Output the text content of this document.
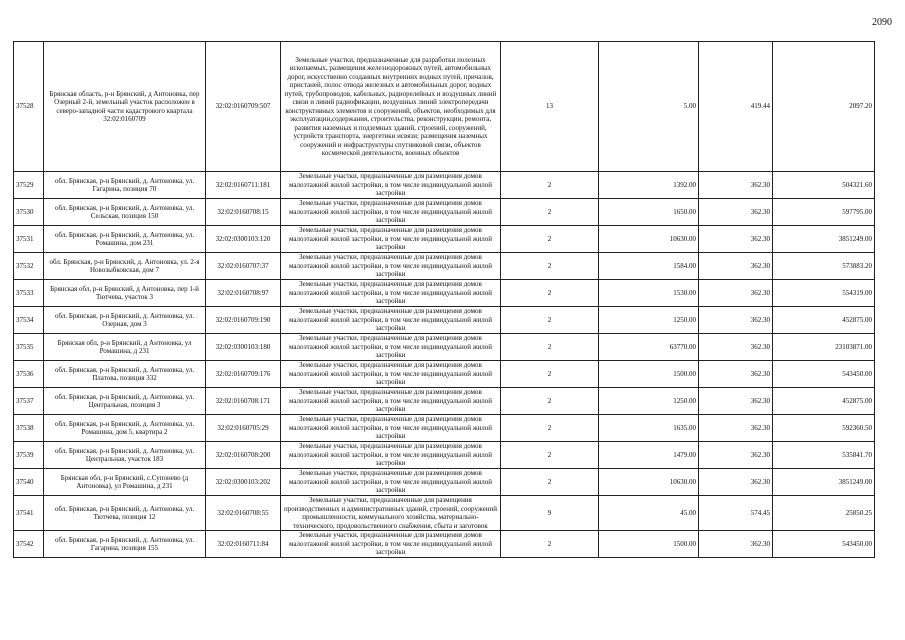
2090
37528	Брянская область, р-н Брянский, д Антоновка, пер Озерный 2-й, земельный участок расположен в северо-западной части кадастрового квартала 32:02:0160709	32:02:0160709:507	Земельные участки, предназначенные для разработки полезных ископаемых, размещения железнодорожных путей, автомобильных дорог, искусственно созданных внутренних водных путей, причалов, пристаней, полос отвода железных и автомобильных дорог, водных путей, трубопроводов, кабельных, радиорелейных и воздушных линий связи и линий радиофикации, воздушных линий электропередачи конструктивных элементов и сооружений, объектов, необходимых для эксплуатации,содержания, строительства, реконструкции, ремонта, развития наземных и подземных зданий, строений, сооружений, устройств транспорта, энергетики исвязи; размещения наземных сооружений и инфраструктуры спутниковой связи, объектов космической деятельности, военных объектов	13	5.00	419.44	2097.20
37529	обл. Брянская, р-н Брянский, д. Антоновка, ул. Гагарина, позиция 70	32:02:0160711:181	Земельные участки, предназначенные для размещения домов малоэтажной жилой застройки, в том числе индивидуальной жилой застройки	2	1392.00	362.30	504321.60
37530	обл. Брянская, р-н Брянский, д. Антоновка, ул. Сельская, позиция 150	32:02:0160708:15	Земельные участки, предназначенные для размещения домов малоэтажной жилой застройки, в том числе индивидуальной жилой застройки	2	1650.00	362.30	597795.00
37531	обл. Брянская, р-н Брянский, д. Антоновка, ул. Ромашина, дом 231	32:02:0300103:120	Земельные участки, предназначенные для размещения домов малоэтажной жилой застройки, в том числе индивидуальной жилой застройки	2	10630.00	362.30	3851249.00
37532	обл. Брянская, р-н Брянский, д. Антоновка, ул. 2-я Новозыбковская, дом 7	32:02:0160707:37	Земельные участки, предназначенные для размещения домов малоэтажной жилой застройки, в том числе индивидуальной жилой застройки	2	1584.00	362.30	573883.20
37533	Брянская обл, р-н Брянский, д Антоновка, пер 1-й Тютчева, участок 3	32:02:0160708:97	Земельные участки, предназначенные для размещения домов малоэтажной жилой застройки, в том числе индивидуальной жилой застройки	2	1530.00	362.30	554319.00
37534	обл. Брянская, р-н Брянский, д. Антоновка, ул. Озерная, дом 3	32:02:0160709:190	Земельные участки, предназначенные для размещения домов малоэтажной жилой застройки, в том числе индивидуальной жилой застройки	2	1250.00	362.30	452875.00
37535	Брянская обл, р-н Брянский, д Антоновка, ул Ромашина, д 231	32:02:0300103:180	Земельные участки, предназначенные для размещения домов малоэтажной жилой застройки, в том числе индивидуальной жилой застройки	2	63770.00	362.30	23103871.00
37536	обл. Брянская, р-н Брянский, д. Антоновка, ул. Платова, позиция 332	32:02:0160709:176	Земельные участки, предназначенные для размещения домов малоэтажной жилой застройки, в том числе индивидуальной жилой застройки	2	1500.00	362.30	543450.00
37537	обл. Брянская, р-н Брянский, д. Антоновка, ул. Центральная, позиция 3	32:02:0160708:171	Земельные участки, предназначенные для размещения домов малоэтажной жилой застройки, в том числе индивидуальной жилой застройки	2	1250.00	362.30	452875.00
37538	обл. Брянская, р-н Брянский, д. Антоновка, ул. Ромашина, дом 5, квартира 2	32:02:0160705:29	Земельные участки, предназначенные для размещения домов малоэтажной жилой застройки, в том числе индивидуальной жилой застройки	2	1635.00	362.30	592360.50
37539	обл. Брянская, р-н Брянский, д. Антоновка, ул. Центральная, участок 183	32:02:0160708:200	Земельные участки, предназначенные для размещения домов малоэтажной жилой застройки, в том числе индивидуальной жилой застройки	2	1479.00	362.30	535841.70
37540	Брянская обл, р-н Брянский, с.Супонево (д Антоновка), ул Ромашина, д 231	32:02:0300103:202	Земельные участки, предназначенные для размещения домов малоэтажной жилой застройки, в том числе индивидуальной жилой застройки	2	10630.00	362.30	3851249.00
37541	обл. Брянская, р-н Брянский, д. Антоновка, ул. Тютчева, позиция 12	32:02:0160708:55	Земельные участки, предназначенные для размещения производственных и административных зданий, строений, сооружений промышленности, коммунального хозяйства, материально-технического, продовольственного снабжения, сбыта и заготовок	9	45.00	574.45	25850.25
37542	обл. Брянская, р-н Брянский, д. Антоновка, ул. Гагарина, позиция 155	32:02:0160711:84	Земельные участки, предназначенные для размещения домов малоэтажной жилой застройки, в том числе индивидуальной жилой застройки	2	1500.00	362.30	543450.00
